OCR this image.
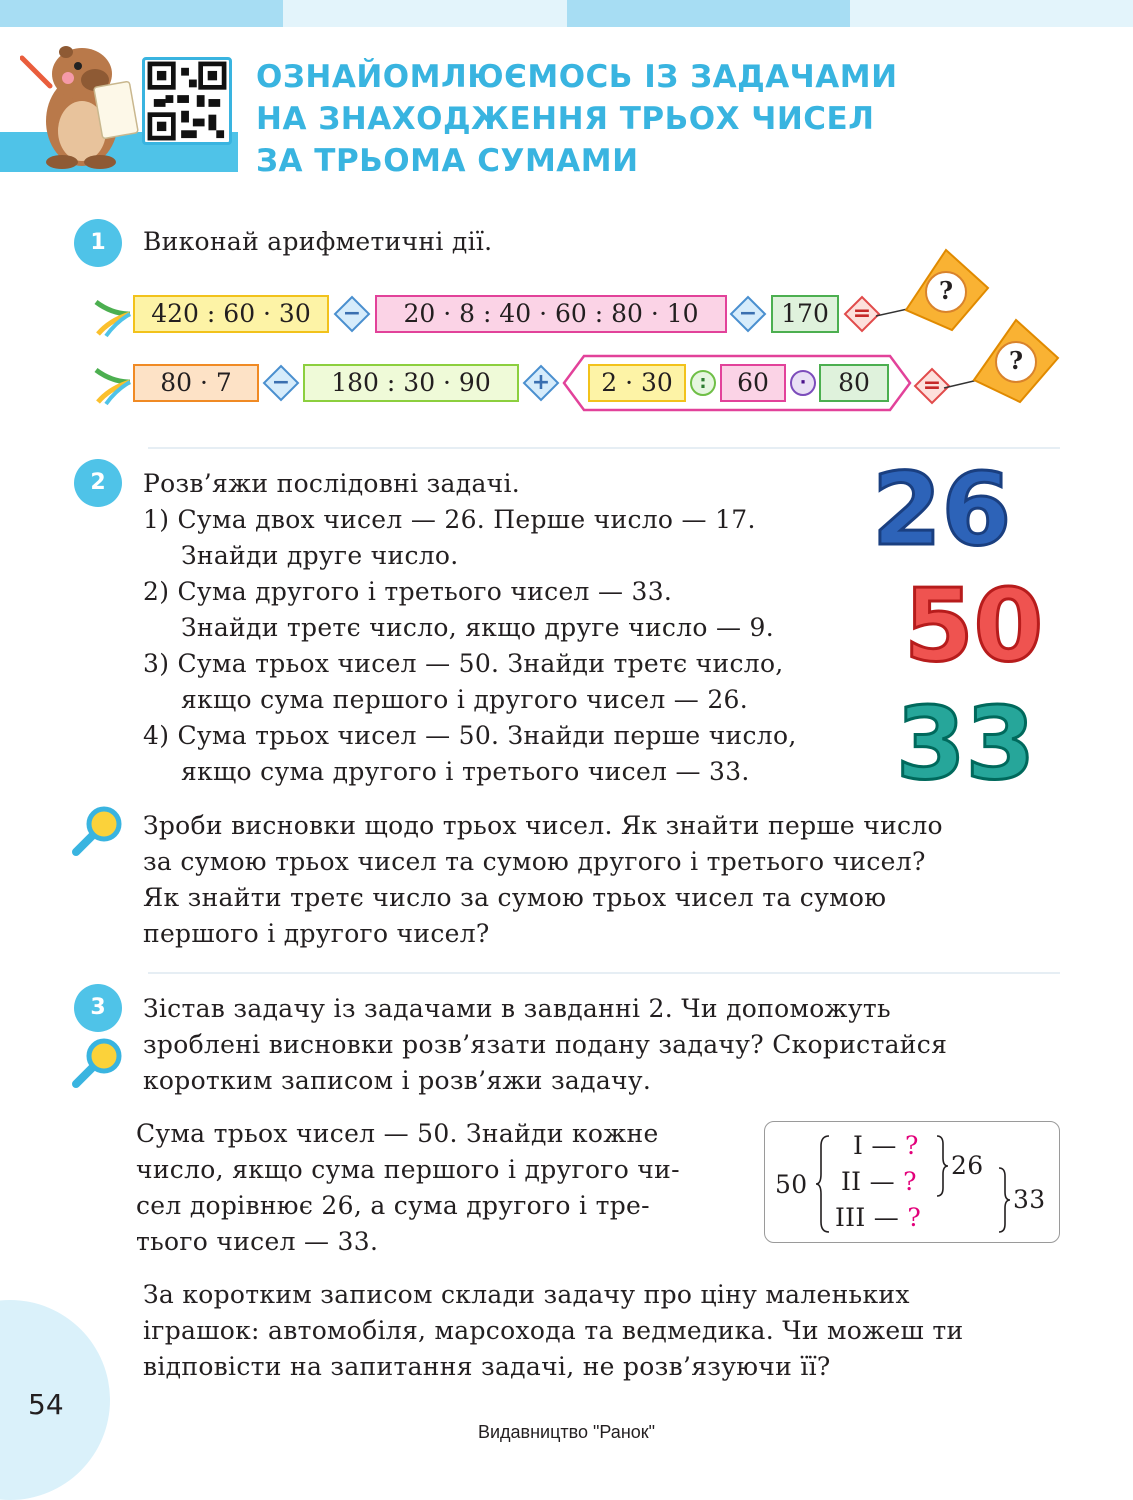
ОЗНАЙОМЛЮЄМОСЬ ІЗ ЗАДАЧАМИ
НА ЗНАХОДЖЕННЯ ТРЬОХ ЧИСЕЛ
ЗА ТРЬОМА СУМАМИ
1	Виконай арифметичні дії.
420 : 60 · 30	−	20 · 8 : 40 · 60 : 80 · 10	− 170	=
?
80 · 7	−	180 : 30 · 90	+	2 · 30	:	60	·	80	=
?
2	Розв’яжи послідовні задачі.
1) Сума двох чисел — 26. Перше число — 17.
Знайди друге число.
2) Сума другого і третього чисел — 33.
Знайди третє число, якщо друге число — 9.
3) Сума трьох чисел — 50. Знайди третє число,
якщо сума першого і другого чисел — 26.
4) Сума трьох чисел — 50. Знайди перше число,
якщо сума другого і третього чисел — 33.
26
50
33
Зроби висновки щодо трьох чисел. Як знайти перше число
за сумою трьох чисел та сумою другого і третього чисел?
Як знайти третє число за сумою трьох чисел та сумою
першого і другого чисел?
3	Зістав задачу із задачами в завданні 2. Чи допоможуть
зроблені висновки розв’язати подану задачу? Скористайся
коротким записом і розв’яжи задачу.
Сума трьох чисел — 50. Знайди кожне
число, якщо сума першого і другого чи-
сел дорівнює 26, а сума другого і тре-
тього чисел — 33.
50
I — ?
II — ?
III — ?
26
33
За коротким записом склади задачу про ціну маленьких
іграшок: автомобіля, марсохода та ведмедика. Чи можеш ти
відповісти на запитання задачі, не розв’язуючи її?
54
Видавництво "Ранок"
